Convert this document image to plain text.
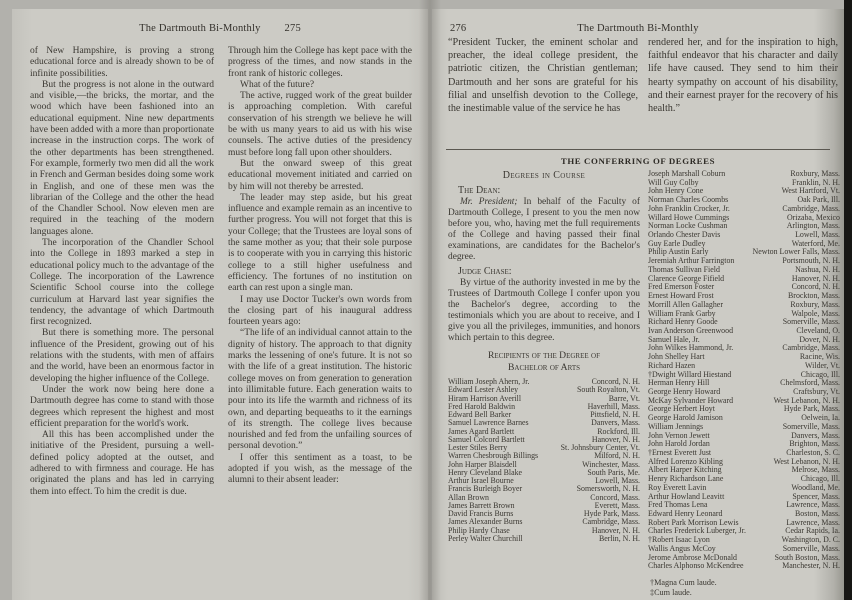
The Dartmouth Bi-Monthly 275

of New Hampshire, is proving a strong educational force and is already shown to be of infinite possibilities.

But the progress is not alone in the outward and visible,—the bricks, the mortar, and the wood which have been fashioned into an educational equipment. Nine new departments have been added with a more than proportionate increase in the instruction corps. The work of the other departments has been strengthened. For example, formerly two men did all the work in French and German besides doing some work in English, and one of these men was the librarian of the College and the other the head of the Chandler School. Now eleven men are required in the teaching of the modern languages alone.

The incorporation of the Chandler School into the College in 1893 marked a step in educational policy much to the advantage of the College. The incorporation of the Lawrence Scientific School course into the college curriculum at Harvard last year signifies the tendency, the advantage of which Dartmouth first recognized.

But there is something more. The personal influence of the President, growing out of his relations with the students, with men of affairs and the world, have been an enormous factor in developing the higher influence of the College.

Under the work now being here done a Dartmouth degree has come to stand with those degrees which represent the highest and most efficient preparation for the world's work.

All this has been accomplished under the initiative of the President, pursuing a well-defined policy adopted at the outset, and adhered to with firmness and courage. He has originated the plans and has led in carrying them into effect. To him the credit is due.

Through him the College has kept pace with the progress of the times, and now stands in the front rank of historic colleges.

What of the future?

The active, rugged work of the great builder is approaching completion. With careful conservation of his strength we believe he will be with us many years to aid us with his wise counsels. The active duties of the presidency must before long fall upon other shoulders.

But the onward sweep of this great educational movement initiated and carried on by him will not thereby be arrested.

The leader may step aside, but his great influence and example remain as an incentive to further progress. You will not forget that this is your College; that the Trustees are loyal sons of the same mother as you; that their sole purpose is to cooperate with you in carrying this historic college to a still higher usefulness and efficiency. The fortunes of no institution on earth can rest upon a single man.

I may use Doctor Tucker's own words from the closing part of his inaugural address fourteen years ago:

“The life of an individual cannot attain to the dignity of history. The approach to that dignity marks the lessening of one's future. It is not so with the life of a great institution. The historic college moves on from generation to generation into illimitable future. Each generation waits to pour into its life the warmth and richness of its own, and departing bequeaths to it the earnings of its strength. The college lives because nourished and fed from the unfailing sources of personal devotion.”

I offer this sentiment as a toast, to be adopted if you wish, as the message of the alumni to their absent leader:

276	The Dartmouth Bi-Monthly
“President Tucker, the eminent scholar and preacher, the ideal college president, the patriotic citizen, the Christian gentleman; Dartmouth and her sons are grateful for his filial and unselfish devotion to the College, the inestimable value of the service he has
rendered her, and for the inspiration to high, faithful endeavor that his character and daily life have caused. They send to him their hearty sympathy on account of his disability, and their earnest prayer for the recovery of his health.”
THE CONFERRING OF DEGREES
Degrees in Course
The Dean:

Mr. President; In behalf of the Faculty of Dartmouth College, I present to you the men now before you, who, having met the full requirements of the College and having passed their final examinations, are candidates for the Bachelor's degree.

Judge Chase:

By virtue of the authority invested in me by the Trustees of Dartmouth College I confer upon you the Bachelor's degree, according to the testimonials which you are about to receive, and I give you all the privileges, immunities, and honors which pertain to this degree.

Recipients of the Degree of
Bachelor of Arts
William Joseph Ahern, Jr.	Concord, N. H.
Edward Lester Ashley	South Royalton, Vt.
Hiram Harrison Averill	Barre, Vt.
Fred Harold Baldwin	Haverhill, Mass.
Edward Bell Barker	Pittsfield, N. H.
Samuel Lawrence Barnes	Danvers, Mass.
James Agard Bartlett	Rockford, Ill.
Samuel Colcord Bartlett	Hanover, N. H.
Lester Stiles Berry	St. Johnsbury Center, Vt.
Warren Chesbrough Billings	Milford, N. H.
John Harper Blaisdell	Winchester, Mass.
Henry Cleveland Blake	South Paris, Me.
Arthur Israel Bourne	Lowell, Mass.
Francis Burleigh Boyer	Somersworth, N. H.
Allan Brown	Concord, Mass.
James Barrett Brown	Everett, Mass.
David Francis Burns	Hyde Park, Mass.
James Alexander Burns	Cambridge, Mass.
Philip Hardy Chase	Hanover, N. H.
Perley Walter Churchill	Berlin, N. H.
Joseph Marshall Coburn	Roxbury, Mass.
Will Guy Colby	Franklin, N. H.
John Henry Cone	West Hartford, Vt.
Norman Charles Coombs	Oak Park, Ill.
John Franklin Crocker, Jr.	Cambridge, Mass.
Willard Howe Cummings	Orizaba, Mexico
Norman Locke Cushman	Arlington, Mass.
Orlando Chester Davis	Lowell, Mass.
Guy Earle Dudley	Waterford, Me.
Philip Austin Early	Newton Lower Falls, Mass.
Jeremiah Arthur Farrington	Portsmouth, N. H.
Thomas Sullivan Field	Nashua, N. H.
Clarence George Fifield	Hanover, N. H.
Fred Emerson Foster	Concord, N. H.
Ernest Howard Frost	Brockton, Mass.
Morrill Allen Gallagher	Roxbury, Mass.
William Frank Garby	Walpole, Mass.
Richard Henry Goode	Somerville, Mass.
Ivan Anderson Greenwood	Cleveland, O.
Samuel Hale, Jr.	Dover, N. H.
John Wilkes Hammond, Jr.	Cambridge, Mass.
John Shelley Hart	Racine, Wis.
Richard Hazen	Wilder, Vt.
†Dwight Willard Hiestand	Chicago, Ill.
Herman Henry Hill	Chelmsford, Mass.
George Henry Howard	Craftsbury, Vt.
McKay Sylvander Howard	West Lebanon, N. H.
George Herbert Hoyt	Hyde Park, Mass.
George Harold Jamison	Oelwein, Ia.
William Jennings	Somerville, Mass.
John Vernon Jewett	Danvers, Mass.
John Harold Jordan	Brighton, Mass.
†Ernest Everett Just	Charleston, S. C.
Alfred Lorenzo Kibling	West Lebanon, N. H.
Albert Harper Kitching	Melrose, Mass.
Henry Richardson Lane	Chicago, Ill.
Roy Everett Lavin	Woodland, Me.
Arthur Howland Leavitt	Spencer, Mass.
Fred Thomas Lena	Lawrence, Mass.
Edward Henry Leonard	Boston, Mass.
Robert Park Morrison Lewis	Lawrence, Mass.
Charles Frederick Luberger, Jr.	Cedar Rapids, Ia.
†Robert Isaac Lyon	Washington, D. C.
Wallis Angus McCoy	Somerville, Mass.
Jerome Ambrose McDonald	South Boston, Mass.
Charles Alphonso McKendree	Manchester, N. H.

†Magna Cum laude.

‡Cum laude.
